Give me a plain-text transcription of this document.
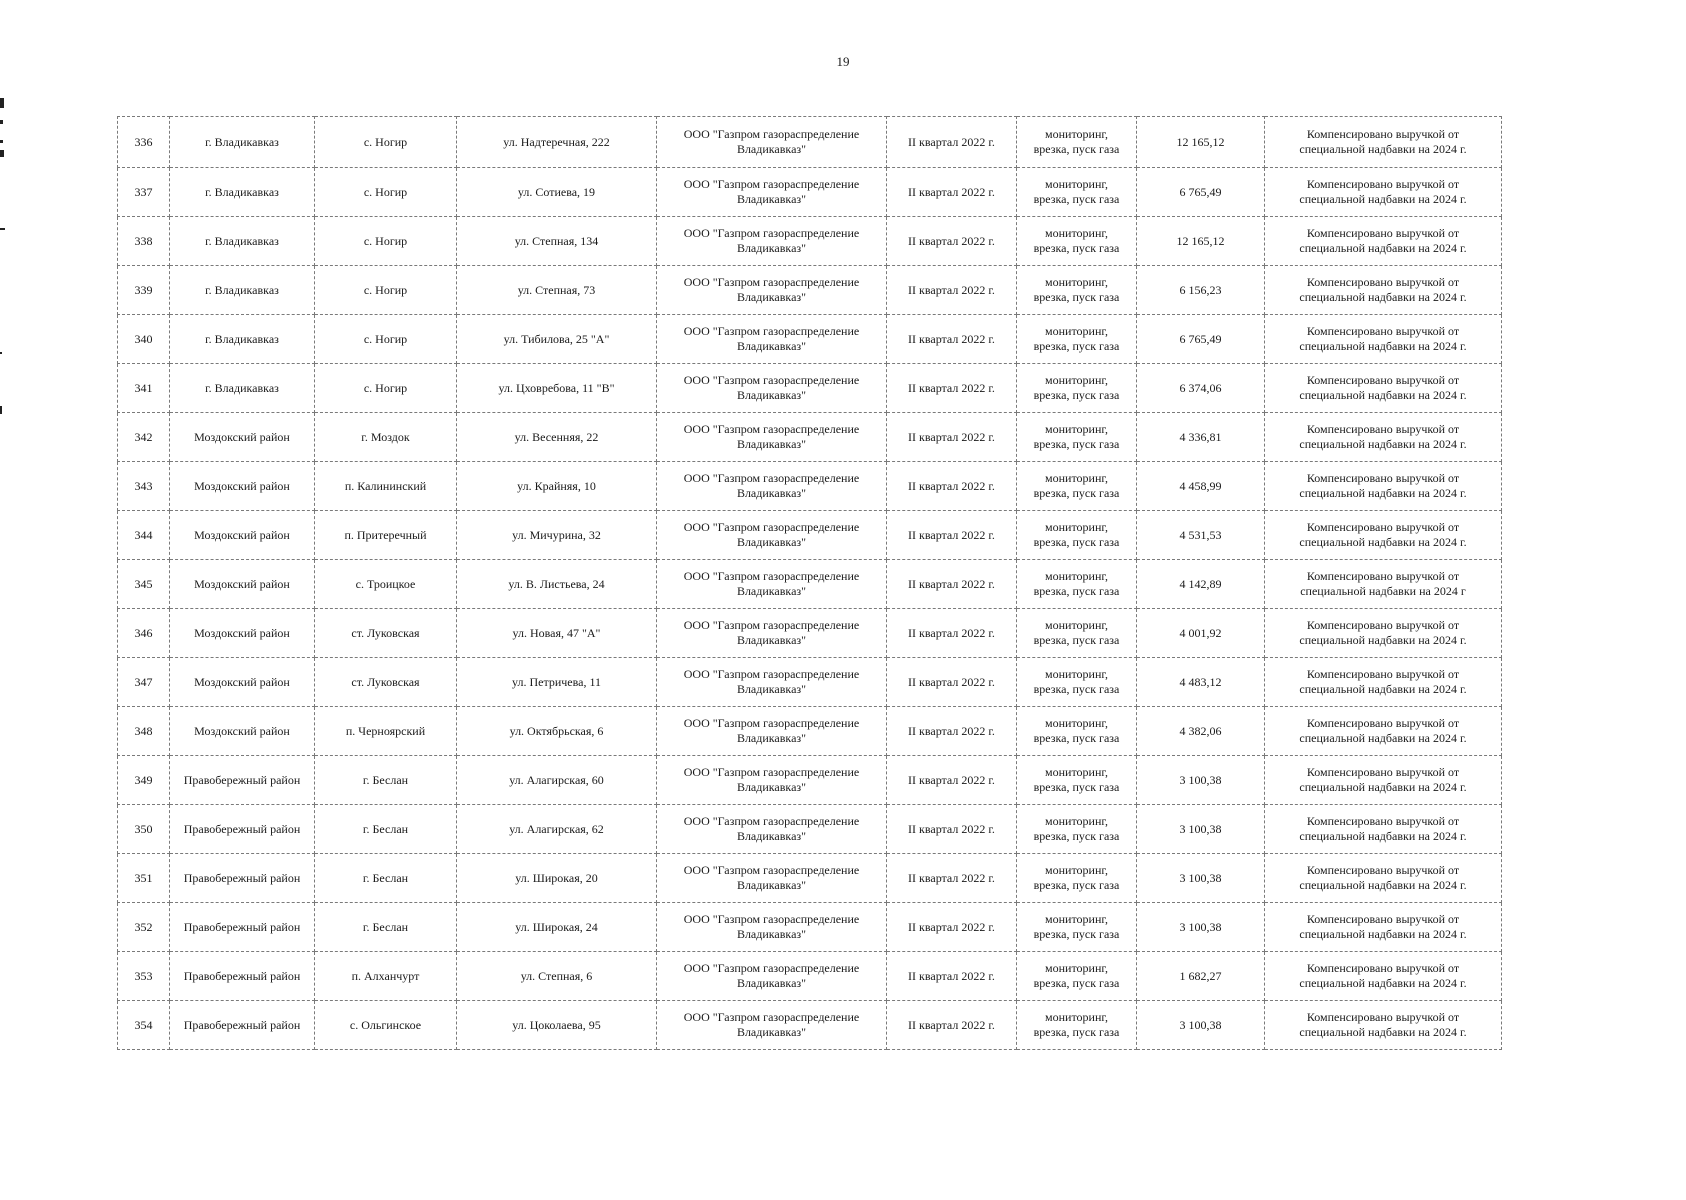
19
336	г. Владикавказ	с. Ногир	ул. Надтеречная, 222	ООО "Газпром газораспределение
Владикавказ"	II квартал 2022 г.	мониторинг,
врезка, пуск газа	12 165,12	Компенсировано выручкой от
специальной надбавки на 2024 г.

337	г. Владикавказ	с. Ногир	ул. Сотиева, 19	ООО "Газпром газораспределение
Владикавказ"	II квартал 2022 г.	мониторинг,
врезка, пуск газа	6 765,49	Компенсировано выручкой от
специальной надбавки на 2024 г.

338	г. Владикавказ	с. Ногир	ул. Степная, 134	ООО "Газпром газораспределение
Владикавказ"	II квартал 2022 г.	мониторинг,
врезка, пуск газа	12 165,12	Компенсировано выручкой от
специальной надбавки на 2024 г.

339	г. Владикавказ	с. Ногир	ул. Степная, 73	ООО "Газпром газораспределение
Владикавказ"	II квартал 2022 г.	мониторинг,
врезка, пуск газа	6 156,23	Компенсировано выручкой от
специальной надбавки на 2024 г.

340	г. Владикавказ	с. Ногир	ул. Тибилова, 25 "А"	ООО "Газпром газораспределение
Владикавказ"	II квартал 2022 г.	мониторинг,
врезка, пуск газа	6 765,49	Компенсировано выручкой от
специальной надбавки на 2024 г.

341	г. Владикавказ	с. Ногир	ул. Цховребова, 11 "В"	ООО "Газпром газораспределение
Владикавказ"	II квартал 2022 г.	мониторинг,
врезка, пуск газа	6 374,06	Компенсировано выручкой от
специальной надбавки на 2024 г.

342	Моздокский район	г. Моздок	ул. Весенняя, 22	ООО "Газпром газораспределение
Владикавказ"	II квартал 2022 г.	мониторинг,
врезка, пуск газа	4 336,81	Компенсировано выручкой от
специальной надбавки на 2024 г.

343	Моздокский район	п. Калининский	ул. Крайняя, 10	ООО "Газпром газораспределение
Владикавказ"	II квартал 2022 г.	мониторинг,
врезка, пуск газа	4 458,99	Компенсировано выручкой от
специальной надбавки на 2024 г.

344	Моздокский район	п. Притеречный	ул. Мичурина, 32	ООО "Газпром газораспределение
Владикавказ"	II квартал 2022 г.	мониторинг,
врезка, пуск газа	4 531,53	Компенсировано выручкой от
специальной надбавки на 2024 г.

345	Моздокский район	с. Троицкое	ул. В. Листьева, 24	ООО "Газпром газораспределение
Владикавказ"	II квартал 2022 г.	мониторинг,
врезка, пуск газа	4 142,89	Компенсировано выручкой от
специальной надбавки на 2024 г

346	Моздокский район	ст. Луковская	ул. Новая, 47 "А"	ООО "Газпром газораспределение
Владикавказ"	II квартал 2022 г.	мониторинг,
врезка, пуск газа	4 001,92	Компенсировано выручкой от
специальной надбавки на 2024 г.

347	Моздокский район	ст. Луковская	ул. Петричева, 11	ООО "Газпром газораспределение
Владикавказ"	II квартал 2022 г.	мониторинг,
врезка, пуск газа	4 483,12	Компенсировано выручкой от
специальной надбавки на 2024 г.

348	Моздокский район	п. Черноярский	ул. Октябрьская, 6	ООО "Газпром газораспределение
Владикавказ"	II квартал 2022 г.	мониторинг,
врезка, пуск газа	4 382,06	Компенсировано выручкой от
специальной надбавки на 2024 г.

349	Правобережный район	г. Беслан	ул. Алагирская, 60	ООО "Газпром газораспределение
Владикавказ"	II квартал 2022 г.	мониторинг,
врезка, пуск газа	3 100,38	Компенсировано выручкой от
специальной надбавки на 2024 г.

350	Правобережный район	г. Беслан	ул. Алагирская, 62	ООО "Газпром газораспределение
Владикавказ"	II квартал 2022 г.	мониторинг,
врезка, пуск газа	3 100,38	Компенсировано выручкой от
специальной надбавки на 2024 г.

351	Правобережный район	г. Беслан	ул. Широкая, 20	ООО "Газпром газораспределение
Владикавказ"	II квартал 2022 г.	мониторинг,
врезка, пуск газа	3 100,38	Компенсировано выручкой от
специальной надбавки на 2024 г.

352	Правобережный район	г. Беслан	ул. Широкая, 24	ООО "Газпром газораспределение
Владикавказ"	II квартал 2022 г.	мониторинг,
врезка, пуск газа	3 100,38	Компенсировано выручкой от
специальной надбавки на 2024 г.

353	Правобережный район	п. Алханчурт	ул. Степная, 6	ООО "Газпром газораспределение
Владикавказ"	II квартал 2022 г.	мониторинг,
врезка, пуск газа	1 682,27	Компенсировано выручкой от
специальной надбавки на 2024 г.

354	Правобережный район	с. Ольгинское	ул. Цоколаева, 95	ООО "Газпром газораспределение
Владикавказ"	II квартал 2022 г.	мониторинг,
врезка, пуск газа	3 100,38	Компенсировано выручкой от
специальной надбавки на 2024 г.
